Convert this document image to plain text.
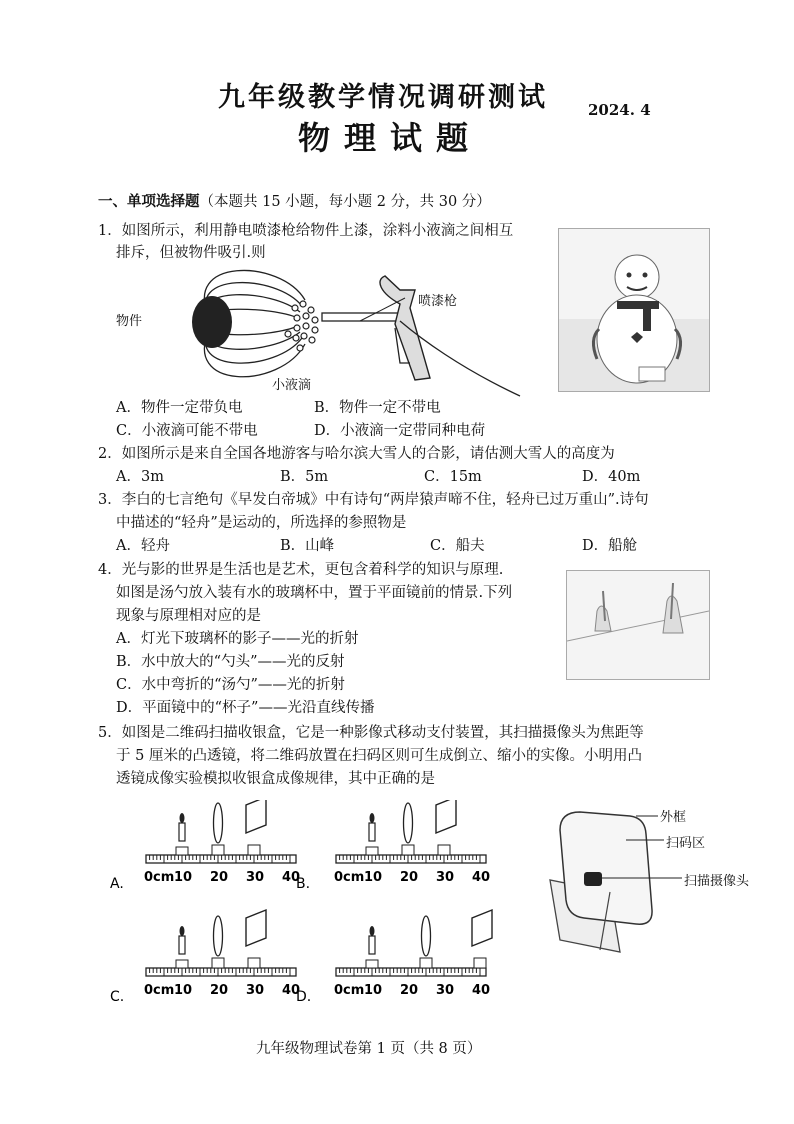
九年级教学情况调研测试	2024. 4
物理试题
一、单项选择题（本题共 15 小题，每小题 2 分，共 30 分）
1．如图所示，利用静电喷漆枪给物件上漆，涂料小液滴之间相互
排斥，但被物件吸引.则
物件
喷漆枪
小液滴
A．物件一定带负电	B．物件一定不带电
C．小液滴可能不带电	D．小液滴一定带同种电荷
2．如图所示是来自全国各地游客与哈尔滨大雪人的合影，请估测大雪人的高度为
A．3m	B．5m	C．15m	D．40m
3．李白的七言绝句《早发白帝城》中有诗句“两岸猿声啼不住，轻舟已过万重山”.诗句
中描述的“轻舟”是运动的，所选择的参照物是
A．轻舟	B．山峰	C．船夫	D．船舱
4．光与影的世界是生活也是艺术，更包含着科学的知识与原理.
如图是汤勺放入装有水的玻璃杯中，置于平面镜前的情景.下列
现象与原理相对应的是
A．灯光下玻璃杯的影子——光的折射
B．水中放大的“勺头”——光的反射
C．水中弯折的“汤勺”——光的折射
D．平面镜中的“杯子”——光沿直线传播
5．如图是二维码扫描收银盒，它是一种影像式移动支付装置，其扫描摄像头为焦距等
于 5 厘米的凸透镜，将二维码放置在扫码区则可生成倒立、缩小的实像。小明用凸
透镜成像实验模拟收银盒成像规律，其中正确的是
0cm 10 20 30 40
A.	0cm 10 20 30 40
B.
0cm 10 20 30 40
C.	0cm 10 20 30 40
D.
外框
扫码区
扫描摄像头
九年级物理试卷第 1 页（共 8 页）
